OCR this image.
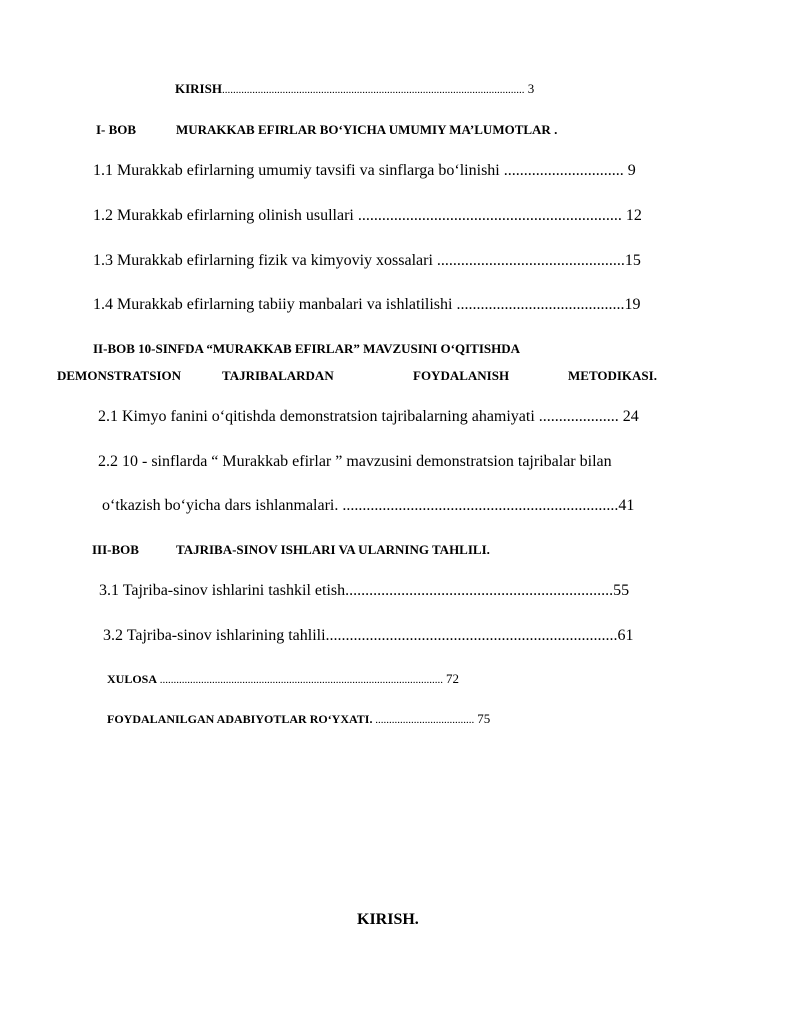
KIRISH.............................................................................................................. 3
I- BOB	MURAKKAB EFIRLAR BO‘YICHA UMUMIY MA’LUMOTLAR .
1.1 Murakkab efirlarning umumiy tavsifi va sinflarga bo‘linishi .............................. 9
1.2 Murakkab efirlarning olinish usullari .................................................................. 12
1.3 Murakkab efirlarning fizik va kimyoviy xossalari ...............................................15
1.4 Murakkab efirlarning tabiiy manbalari va ishlatilishi ..........................................19
II-BOB 10-SINFDA “MURAKKAB EFIRLAR” MAVZUSINI O‘QITISHDA
DEMONSTRATSION	TAJRIBALARDAN	FOYDALANISH	METODIKASI.
2.1 Kimyo fanini o‘qitishda demonstratsion tajribalarning ahamiyati .................... 24
2.2 10 - sinflarda “ Murakkab efirlar ” mavzusini demonstratsion tajribalar bilan
o‘tkazish bo‘yicha dars ishlanmalari. .....................................................................41
III-BOB	TAJRIBA-SINOV ISHLARI VA ULARNING TAHLILI.
3.1 Tajriba-sinov ishlarini tashkil etish...................................................................55
3.2 Tajriba-sinov ishlarining tahlili.........................................................................61
XULOSA ....................................................................................................... 72
FOYDALANILGAN ADABIYOTLAR RO‘YXATI. .................................... 75
KIRISH.
